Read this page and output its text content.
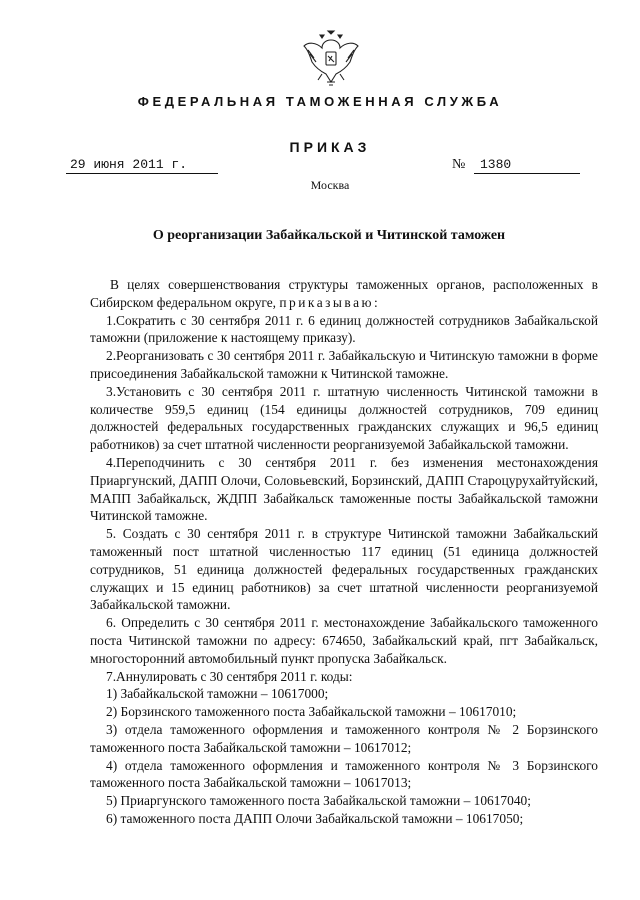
ФЕДЕРАЛЬНАЯ ТАМОЖЕННАЯ СЛУЖБА
ПРИКАЗ
29 июня 2011 г.	№	1380
Москва
О реорганизации Забайкальской и Читинской таможен

В целях совершенствования структуры таможенных органов, расположенных в Сибирском федеральном округе, приказываю:

1.Сократить с 30 сентября 2011 г. 6 единиц должностей сотрудников Забайкальской таможни (приложение к настоящему приказу).

2.Реорганизовать с 30 сентября 2011 г. Забайкальскую и Читинскую таможни в форме присоединения Забайкальской таможни к Читинской таможне.

3.Установить с 30 сентября 2011 г. штатную численность Читинской таможни в количестве 959,5 единиц (154 единицы должностей сотрудников, 709 единиц должностей федеральных государственных гражданских служащих и 96,5 единиц работников) за счет штатной численности реорганизуемой Забайкальской таможни.

4.Переподчинить с 30 сентября 2011 г. без изменения местонахождения Приаргунский, ДАПП Олочи, Соловьевский, Борзинский, ДАПП Староцурухайтуйский, МАПП Забайкальск, ЖДПП Забайкальск таможенные посты Забайкальской таможни Читинской таможне.

5. Создать с 30 сентября 2011 г. в структуре Читинской таможни Забайкальский таможенный пост штатной численностью 117 единиц (51 единица должностей сотрудников, 51 единица должностей федеральных государственных гражданских служащих и 15 единиц работников) за счет штатной численности реорганизуемой Забайкальской таможни.

6. Определить с 30 сентября 2011 г. местонахождение Забайкальского таможенного поста Читинской таможни по адресу: 674650, Забайкальский край, пгт Забайкальск, многосторонний автомобильный пункт пропуска Забайкальск.

7.Аннулировать с 30 сентября 2011 г. коды:

1) Забайкальской таможни – 10617000;

2) Борзинского таможенного поста Забайкальской таможни – 10617010;

3) отдела таможенного оформления и таможенного контроля № 2 Борзинского таможенного поста Забайкальской таможни – 10617012;

4) отдела таможенного оформления и таможенного контроля № 3 Борзинского таможенного поста Забайкальской таможни – 10617013;

5) Приаргунского таможенного поста Забайкальской таможни – 10617040;

6) таможенного поста ДАПП Олочи Забайкальской таможни – 10617050;
